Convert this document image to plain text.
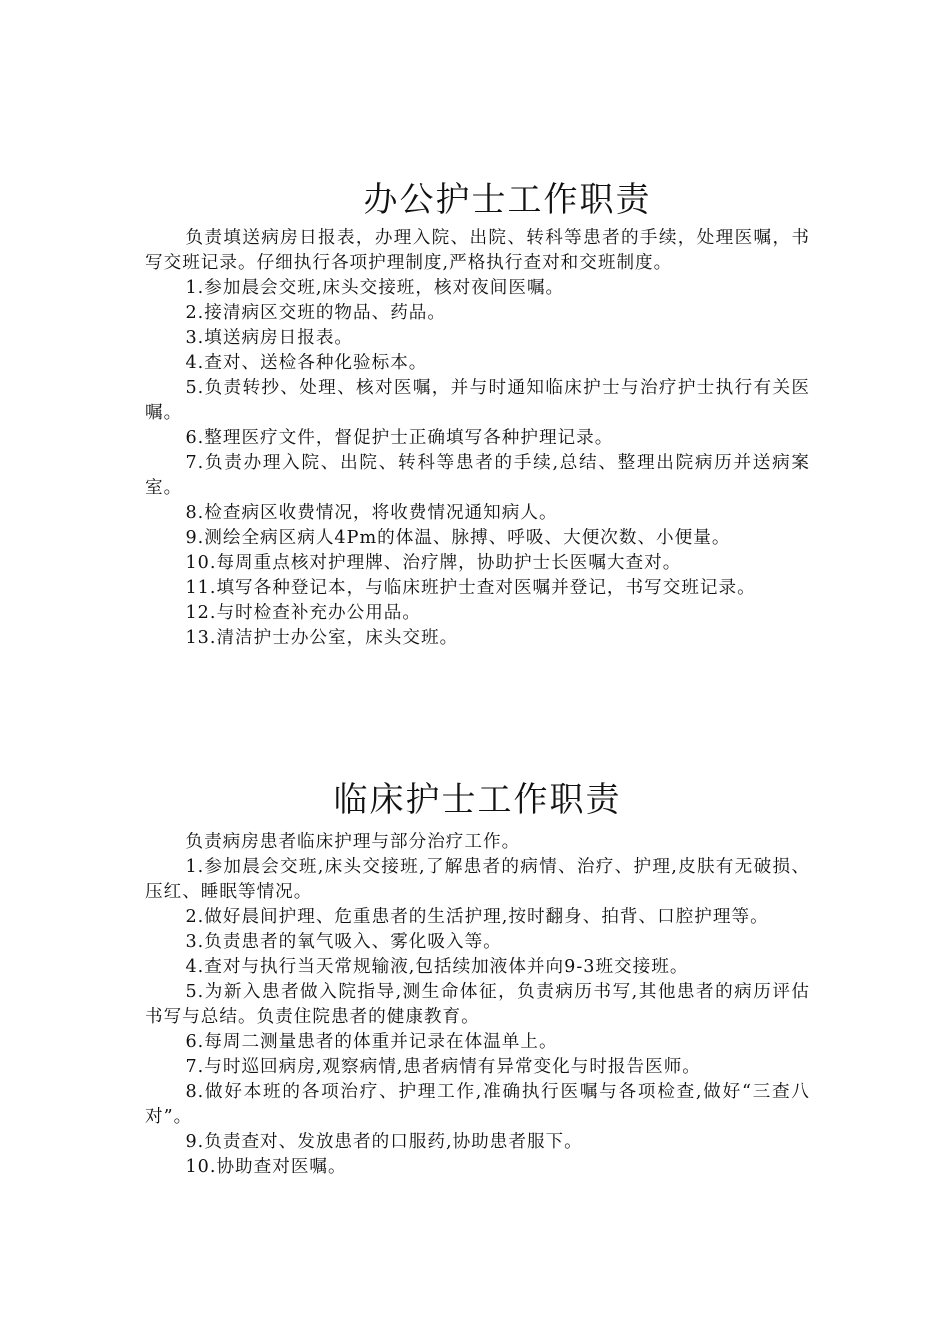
办公护士工作职责

负责填送病房日报表，办理入院、出院、转科等患者的手续，处理医嘱，书写交班记录。仔细执行各项护理制度,严格执行查对和交班制度。

1.参加晨会交班,床头交接班，核对夜间医嘱。
2.接清病区交班的物品、药品。
3.填送病房日报表。
4.查对、送检各种化验标本。
5.负责转抄、处理、核对医嘱，并与时通知临床护士与治疗护士执行有关医嘱。
6.整理医疗文件，督促护士正确填写各种护理记录。
7.负责办理入院、出院、转科等患者的手续,总结、整理出院病历并送病案室。
8.检查病区收费情况，将收费情况通知病人。
9.测绘全病区病人4Pm的体温、脉搏、呼吸、大便次数、小便量。
10.每周重点核对护理牌、治疗牌，协助护士长医嘱大查对。
11.填写各种登记本，与临床班护士查对医嘱并登记，书写交班记录。
12.与时检查补充办公用品。
13.清洁护士办公室，床头交班。
临床护士工作职责

负责病房患者临床护理与部分治疗工作。

1.参加晨会交班,床头交接班,了解患者的病情、治疗、护理,皮肤有无破损、压红、睡眠等情况。
2.做好晨间护理、危重患者的生活护理,按时翻身、拍背、口腔护理等。
3.负责患者的氧气吸入、雾化吸入等。
4.查对与执行当天常规输液,包括续加液体并向9-3班交接班。
5.为新入患者做入院指导,测生命体征，负责病历书写,其他患者的病历评估书写与总结。负责住院患者的健康教育。
6.每周二测量患者的体重并记录在体温单上。
7.与时巡回病房,观察病情,患者病情有异常变化与时报告医师。
8.做好本班的各项治疗、护理工作,准确执行医嘱与各项检查,做好“三查八对”。
9.负责查对、发放患者的口服药,协助患者服下。
10.协助查对医嘱。
